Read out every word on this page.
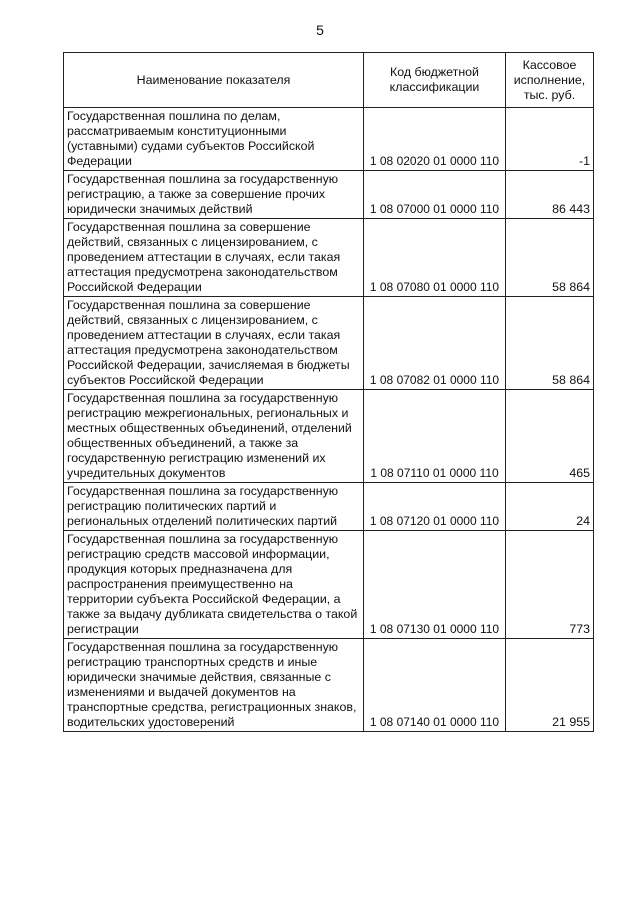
5
Наименование показателя	Код бюджетной классификации	Кассовое исполнение, тыс. руб.
Государственная пошлина по делам, рассматриваемым конституционными (уставными) судами субъектов Российской Федерации	1 08 02020 01 0000 110	-1
Государственная пошлина за государственную регистрацию, а также за совершение прочих юридически значимых действий	1 08 07000 01 0000 110	86 443
Государственная пошлина за совершение действий, связанных с лицензированием, с проведением аттестации в случаях, если такая аттестация предусмотрена законодательством Российской Федерации	1 08 07080 01 0000 110	58 864
Государственная пошлина за совершение действий, связанных с лицензированием, с проведением аттестации в случаях, если такая аттестация предусмотрена законодательством Российской Федерации, зачисляемая в бюджеты субъектов Российской Федерации	1 08 07082 01 0000 110	58 864
Государственная пошлина за государственную регистрацию межрегиональных, региональных и местных общественных объединений, отделений общественных объединений, а также за государственную регистрацию изменений их учредительных документов	1 08 07110 01 0000 110	465
Государственная пошлина за государственную регистрацию политических партий и региональных отделений политических партий	1 08 07120 01 0000 110	24
Государственная пошлина за государственную регистрацию средств массовой информации, продукция которых предназначена для распространения преимущественно на территории субъекта Российской Федерации, а также за выдачу дубликата свидетельства о такой регистрации	1 08 07130 01 0000 110	773
Государственная пошлина за государственную регистрацию транспортных средств и иные юридически значимые действия, связанные с изменениями и выдачей документов на транспортные средства, регистрационных знаков, водительских удостоверений	1 08 07140 01 0000 110	21 955
